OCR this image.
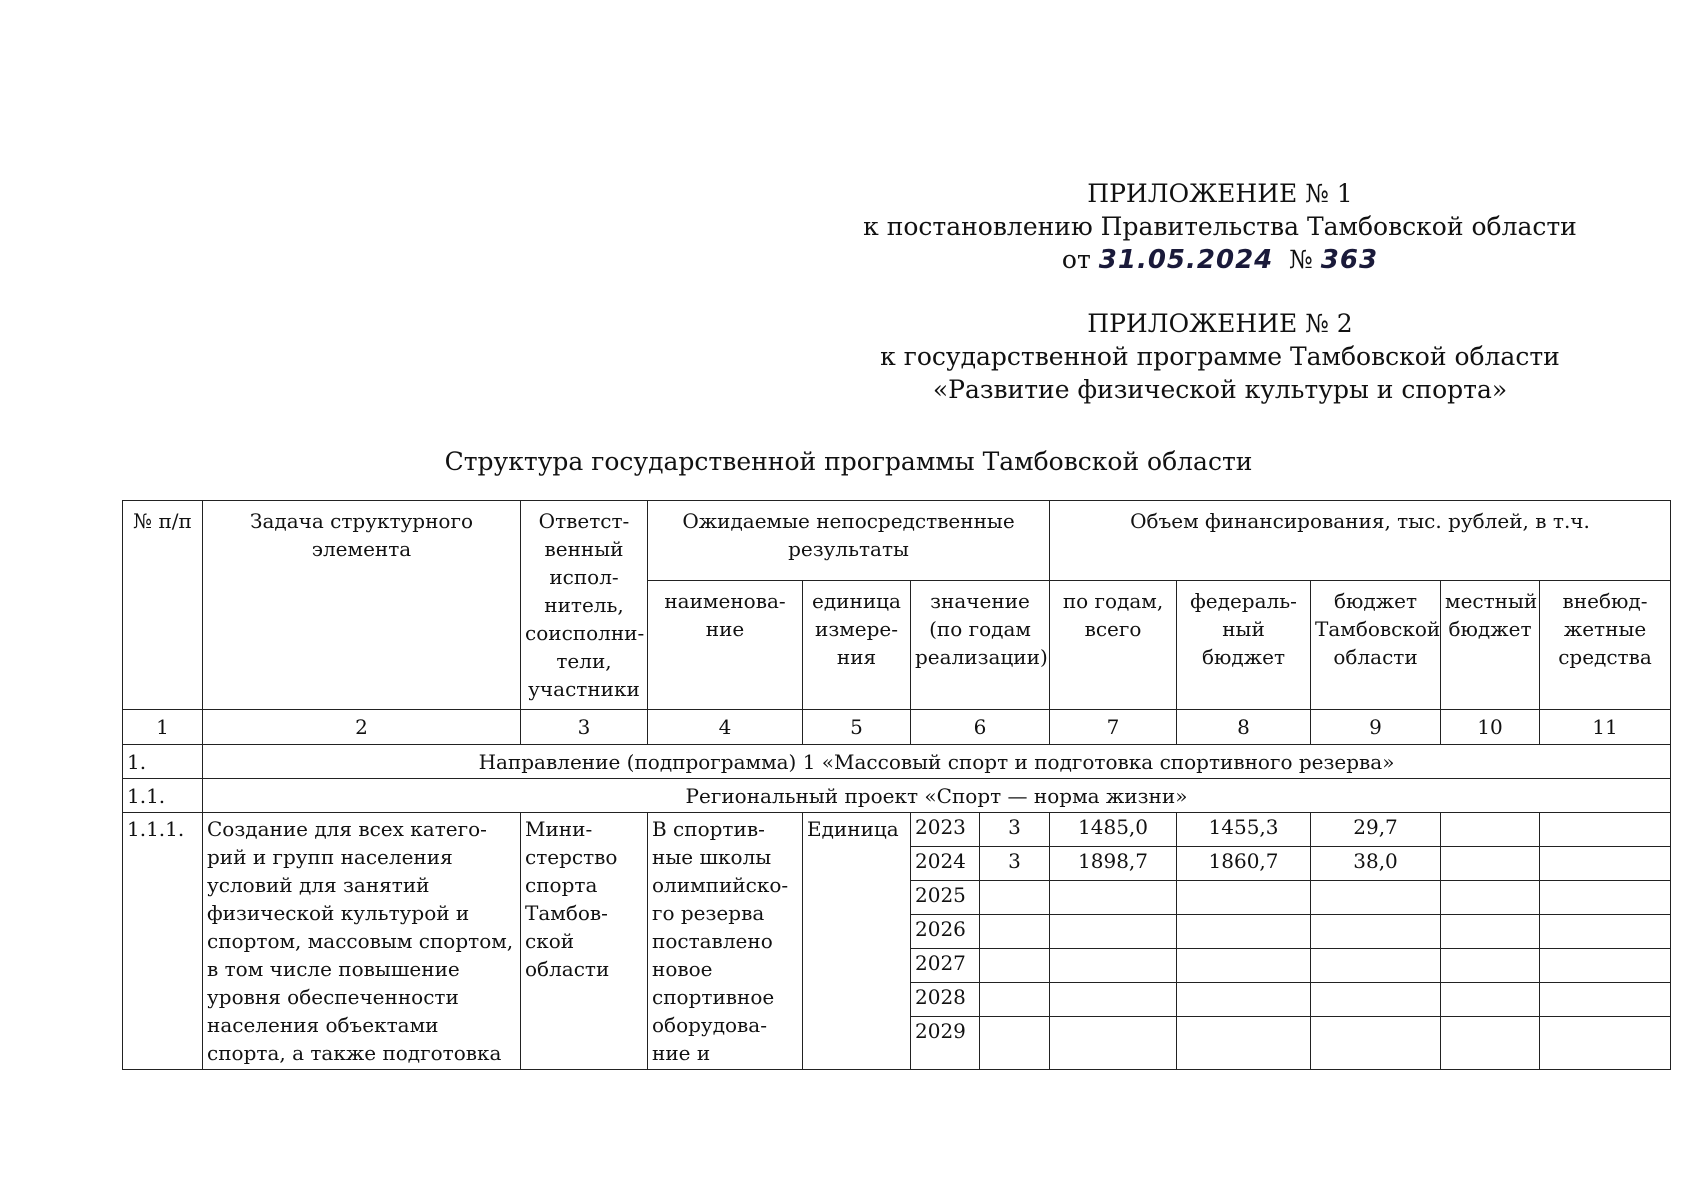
ПРИЛОЖЕНИЕ № 1
к постановлению Правительства Тамбовской области
от 31.05.2024 № 363
ПРИЛОЖЕНИЕ № 2
к государственной программе Тамбовской области
«Развитие физической культуры и спорта»
Структура государственной программы Тамбовской области
№ п/п	Задача структурного элемента	Ответст-венный испол-нитель, соисполни-тели, участники	Ожидаемые непосредственные результаты				Объем финансирования, тыс. рублей, в т.ч.				
			наименова-ние	единица измере-ния	значение (по годам реализации)		по годам, всего	федераль-ный бюджет	бюджет Тамбовской области	местный бюджет	внебюд-жетные средства
1	2	3	4	5	6		7	8	9	10	11
1.	Направление (подпрограмма) 1 «Массовый спорт и подготовка спортивного резерва»										
1.1.	Региональный проект «Спорт — норма жизни»										
1.1.1.	Создание для всех катего-рий и групп населения условий для занятий физической культурой и спортом, массовым спортом, в том числе повышение уровня обеспеченности населения объектами спорта, а также подготовка	Мини-стерство спорта Тамбов-ской области	В спортив-ные школы олимпийско-го резерва поставлено новое спортивное оборудова-ние и	Единица	2023	3	1485,0	1455,3	29,7		
					2024	3	1898,7	1860,7	38,0		
					2025						
					2026						
					2027						
					2028						
					2029						
